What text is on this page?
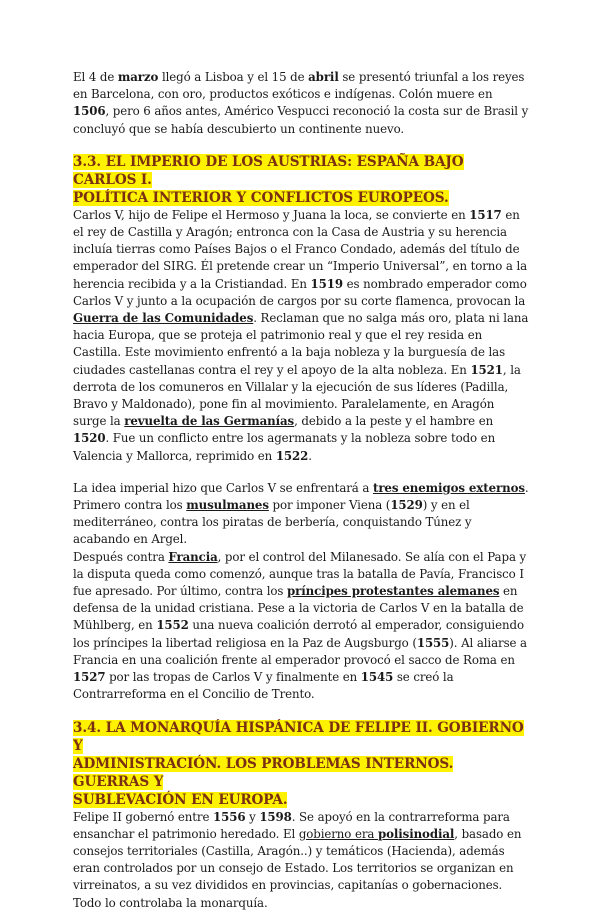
El 4 de marzo llegó a Lisboa y el 15 de abril se presentó triunfal a los reyes en Barcelona, con oro, productos exóticos e indígenas. Colón muere en 1506, pero 6 años antes, Américo Vespucci reconoció la costa sur de Brasil y concluyó que se había descubierto un continente nuevo.

3.3. EL IMPERIO DE LOS AUSTRIAS: ESPAÑA BAJO CARLOS I.
POLÍTICA INTERIOR Y CONFLICTOS EUROPEOS.

Carlos V, hijo de Felipe el Hermoso y Juana la loca, se convierte en 1517 en el rey de Castilla y Aragón; entronca con la Casa de Austria y su herencia incluía tierras como Países Bajos o el Franco Condado, además del título de emperador del SIRG. Él pretende crear un “Imperio Universal”, en torno a la herencia recibida y a la Cristiandad. En 1519 es nombrado emperador como Carlos V y junto a la ocupación de cargos por su corte flamenca, provocan la Guerra de las Comunidades. Reclaman que no salga más oro, plata ni lana hacia Europa, que se proteja el patrimonio real y que el rey resida en Castilla. Este movimiento enfrentó a la baja nobleza y la burguesía de las ciudades castellanas contra el rey y el apoyo de la alta nobleza. En 1521, la derrota de los comuneros en Villalar y la ejecución de sus líderes (Padilla, Bravo y Maldonado), pone fin al movimiento. Paralelamente, en Aragón surge la revuelta de las Germanías, debido a la peste y el hambre en 1520. Fue un conflicto entre los agermanats y la nobleza sobre todo en Valencia y Mallorca, reprimido en 1522.

La idea imperial hizo que Carlos V se enfrentará a tres enemigos externos. Primero contra los musulmanes por imponer Viena (1529) y en el mediterráneo, contra los piratas de berbería, conquistando Túnez y acabando en Argel.
Después contra Francia, por el control del Milanesado. Se alía con el Papa y la disputa queda como comenzó, aunque tras la batalla de Pavía, Francisco I fue apresado. Por último, contra los príncipes protestantes alemanes en defensa de la unidad cristiana. Pese a la victoria de Carlos V en la batalla de Mühlberg, en 1552 una nueva coalición derrotó al emperador, consiguiendo los príncipes la libertad religiosa en la Paz de Augsburgo (1555). Al aliarse a Francia en una coalición frente al emperador provocó el sacco de Roma en 1527 por las tropas de Carlos V y finalmente en 1545 se creó la Contrarreforma en el Concilio de Trento.

3.4. LA MONARQUÍA HISPÁNICA DE FELIPE II. GOBIERNO Y
ADMINISTRACIÓN. LOS PROBLEMAS INTERNOS. GUERRAS Y
SUBLEVACIÓN EN EUROPA.

Felipe II gobernó entre 1556 y 1598. Se apoyó en la contrarreforma para ensanchar el patrimonio heredado. El gobierno era polisinodial, basado en consejos territoriales (Castilla, Aragón..) y temáticos (Hacienda), además eran controlados por un consejo de Estado. Los territorios se organizan en virreinatos, a su vez divididos en provincias, capitanías o gobernaciones. Todo lo controlaba la monarquía.
